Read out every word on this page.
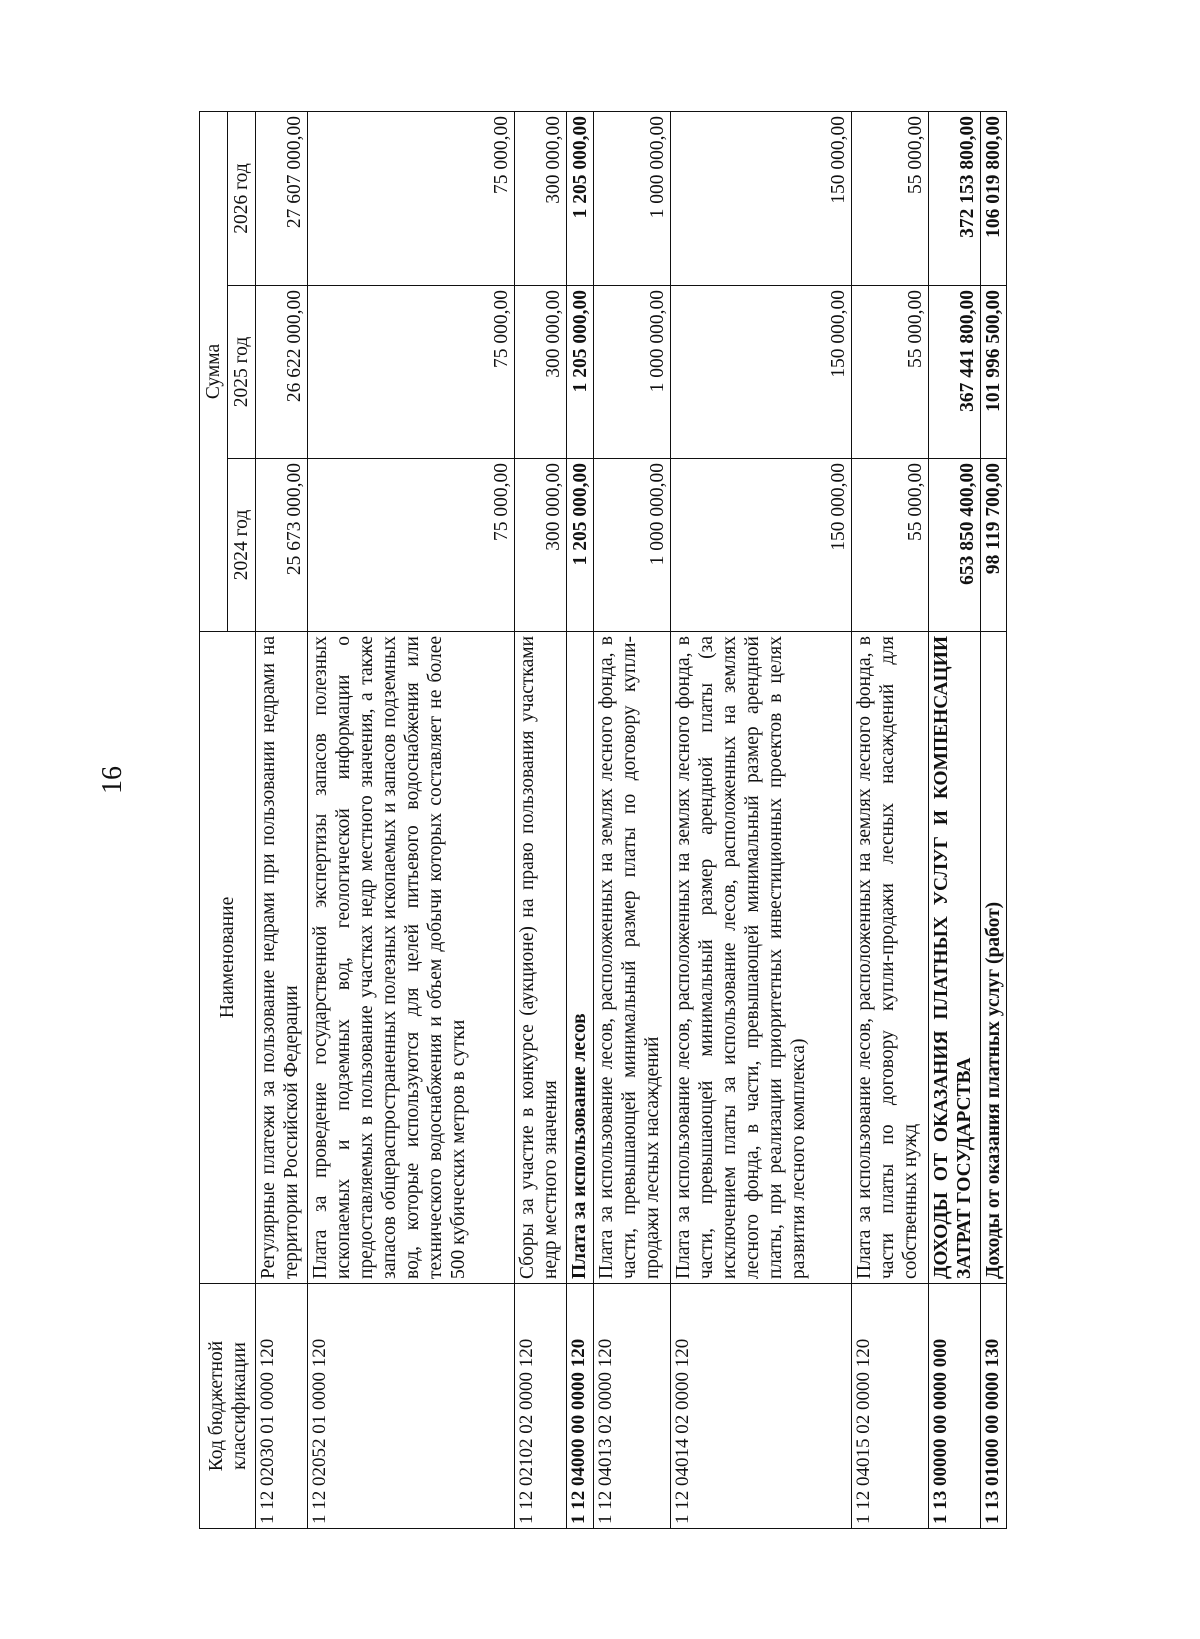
16
Код бюджетной классификации	Наименование	Сумма		
		2024 год	2025 год	2026 год
1 12 02030 01 0000 120	Регулярные платежи за пользование недрами при пользовании недрами на территории Российской Федерации	25 673 000,00	26 622 000,00	27 607 000,00
1 12 02052 01 0000 120	Плата за проведение государственной экспертизы запасов полезных ископаемых и подземных вод, геологической информации о предоставляемых в пользование участках недр местного значения, а также запасов общераспространенных полезных ископаемых и запасов подземных вод, которые используются для целей питьевого водоснабжения или технического водоснабжения и объем добычи которых составляет не более 500 кубических метров в сутки	75 000,00	75 000,00	75 000,00
1 12 02102 02 0000 120	Сборы за участие в конкурсе (аукционе) на право пользования участками недр местного значения	300 000,00	300 000,00	300 000,00
1 12 04000 00 0000 120	Плата за использование лесов	1 205 000,00	1 205 000,00	1 205 000,00
1 12 04013 02 0000 120	Плата за использование лесов, расположенных на землях лесного фонда, в части, превышающей минимальный размер платы по договору купли-продажи лесных насаждений	1 000 000,00	1 000 000,00	1 000 000,00
1 12 04014 02 0000 120	Плата за использование лесов, расположенных на землях лесного фонда, в части, превышающей минимальный размер арендной платы (за исключением платы за использование лесов, расположенных на землях лесного фонда, в части, превышающей минимальный размер арендной платы, при реализации приоритетных инвестиционных проектов в целях развития лесного комплекса)	150 000,00	150 000,00	150 000,00
1 12 04015 02 0000 120	Плата за использование лесов, расположенных на землях лесного фонда, в части платы по договору купли-продажи лесных насаждений для собственных нужд	55 000,00	55 000,00	55 000,00
1 13 00000 00 0000 000	ДОХОДЫ ОТ ОКАЗАНИЯ ПЛАТНЫХ УСЛУГ И КОМПЕНСАЦИИ ЗАТРАТ ГОСУДАРСТВА	653 850 400,00	367 441 800,00	372 153 800,00
1 13 01000 00 0000 130	Доходы от оказания платных услуг (работ)	98 119 700,00	101 996 500,00	106 019 800,00
